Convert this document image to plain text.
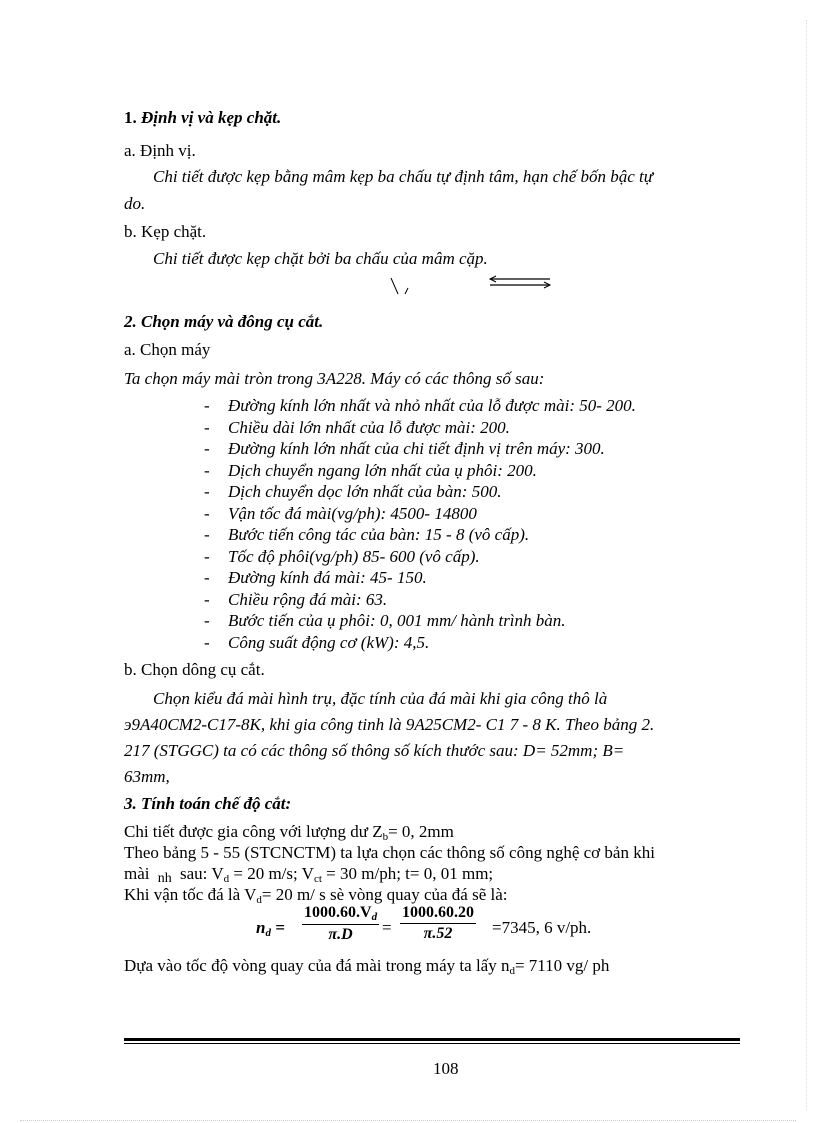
1. Định vị và kẹp chặt.
a. Định vị.
Chi tiết được kẹp bằng mâm kẹp ba chấu tự định tâm, hạn chế bốn bậc tự
do.
b. Kẹp chặt.
Chi tiết được kẹp chặt bởi ba chấu của mâm cặp.
2. Chọn máy và đông cụ cắt.
a. Chọn máy
Ta chọn máy mài tròn trong 3A228. Máy có các thông số sau:
- Đường kính lớn nhất và nhỏ nhất của lỗ được mài: 50- 200.
- Chiều dài lớn nhất của lỗ được mài: 200.
- Đường kính lớn nhất của chi tiết định vị trên máy: 300.
- Dịch chuyển ngang lớn nhất của ụ phôi: 200.
- Dịch chuyển dọc lớn nhất của bàn: 500.
- Vận tốc đá mài(vg/ph): 4500- 14800
- Bước tiến công tác của bàn: 15 - 8 (vô cấp).
- Tốc độ phôi(vg/ph) 85- 600 (vô cấp).
- Đường kính đá mài: 45- 150.
- Chiều rộng đá mài: 63.
- Bước tiến của ụ phôi: 0, 001 mm/ hành trình bàn.
- Công suất động cơ (kW): 4,5.
b. Chọn dông cụ cắt.
Chọn kiểu đá mài hình trụ, đặc tính của đá mài khi gia công thô là
э9A40CM2-C17-8K, khi gia công tinh là 9A25CM2- C1 7 - 8 K. Theo bảng 2.
217 (STGGC) ta có các thông số thông số kích thước sau: D= 52mm; B=
63mm,
3. Tính toán chế độ cắt:
Chi tiết được gia công với lượng dư $Z_b= 0$, 2mm
Theo bảng 5 - 55 (STCNCTM) ta lựa chọn các thông số công nghệ cơ bản khi
mài nh sau: $V_d = 20$ m/s; $V_{ct} = 30$ m/ph; t= 0, 01 mm;
Khi vận tốc đá là $V_d= 20$ m/ s sè vòng quay của đá sẽ là:
$n_d = \frac{1000.60.V_d}{\pi.D} = \frac{1000.60.20}{\pi.52} =7345$, 6 v/ph.
Dựa vào tốc độ vòng quay của đá mài trong máy ta lấy $n_d= 7110$ vg/ ph
108
